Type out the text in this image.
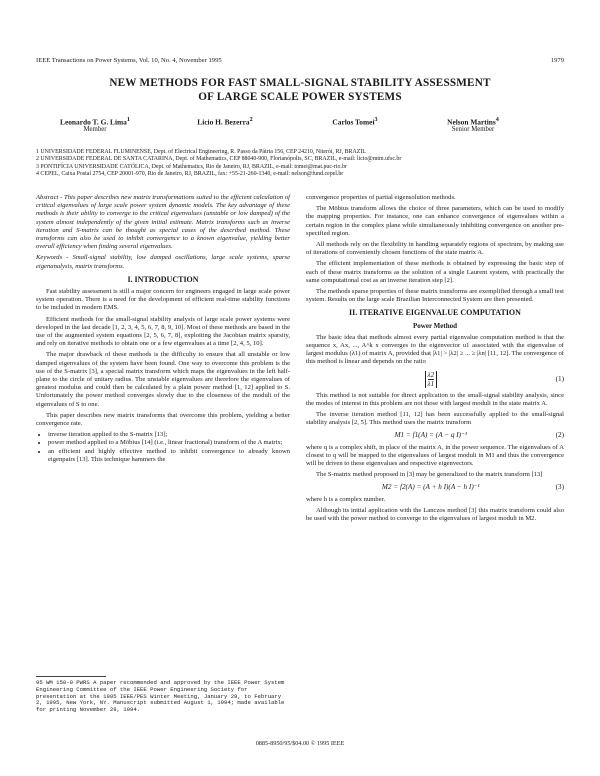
IEEE Transactions on Power Systems, Vol. 10, No. 4, November 1995	1979
NEW METHODS FOR FAST SMALL-SIGNAL STABILITY ASSESSMENT
OF LARGE SCALE POWER SYSTEMS
Leonardo T. G. Lima$^1$
Member
Licio H. Bezerra$^2$	Carlos Tomei$^3$	Nelson Martins$^4$
Senior Member
1 UNIVERSIDADE FEDERAL FLUMINENSE, Dept. of Electrical Engineering, R. Passo da Pátria 156, CEP 24210, Niterói, RJ, BRAZIL
2 UNIVERSIDADE FEDERAL DE SANTA CATARINA, Dept. of Mathematics, CEP 88040-900, Florianópolis, SC, BRAZIL, e-mail: licio@mtm.ufsc.br
3 PONTIFÍCIA UNIVERSIDADE CATÓLICA, Dept. of Mathematics, Rio de Janeiro, RJ, BRAZIL, e-mail: tomei@mat.puc-rio.br
4 CEPEL, Caixa Postal 2754, CEP 20001-970, Rio de Janeiro, RJ, BRAZIL, fax: +55-21-260-1340, e-mail: nelson@fund.cepel.br

Abstract - This paper describes new matrix transformations suited to the efficient calculation of critical eigenvalues of large scale power system dynamic models. The key advantage of these methods is their ability to converge to the critical eigenvalues (unstable or low damped) of the system almost independently of the given initial estimate. Matrix transforms such as inverse iteration and S-matrix can be thought as special cases of the described method. These transforms can also be used to inhibit convergence to a known eigenvalue, yielding better overall efficiency when finding several eigenvalues.

Keywords - Small-signal stability, low damped oscillations, large scale systems, sparse eigenanalysis, matrix transforms.

I. INTRODUCTION

Fast stability assessment is still a major concern for engineers engaged in large scale power system operation. There is a need for the development of efficient real-time stability functions to be included in modern EMS.

Efficient methods for the small-signal stability analysis of large scale power systems were developed in the last decade [1, 2, 3, 4, 5, 6, 7, 8, 9, 10]. Most of these methods are based in the use of the augmented system equations [2, 5, 6, 7, 8], exploiting the Jacobian matrix sparsity, and rely on iterative methods to obtain one or a few eigenvalues at a time [2, 4, 5, 10].

The major drawback of these methods is the difficulty to ensure that all unstable or low damped eigenvalues of the system have been found. One way to overcome this problem is the use of the S-matrix [3], a special matrix transform which maps the eigenvalues in the left half-plane to the circle of unitary radius. The unstable eigenvalues are therefore the eigenvalues of greatest modulus and could then be calculated by a plain power method [1, 12] applied to S. Unfortunately the power method converges slowly due to the closeness of the moduli of the eigenvalues of S to one.

This paper describes new matrix transforms that overcome this problem, yielding a better convergence rate.

• inverse iteration applied to the S-matrix [13];
• power method applied to a Möbius [14] (i.e., linear fractional) transform of the A matrix;
• an efficient and highly effective method to inhibit convergence to already known eigenpairs [13]. This technique hammers the
95 WM 150-9 PWRS A paper recommended and approved by the IEEE Power System Engineering Committee of the IEEE Power Engineering Society for presentation at the 1995 IEEE/PES Winter Meeting, January 29, to February 2, 1995, New York, NY. Manuscript submitted August 1, 1994; made available for printing November 29, 1994.

convergence properties of partial eigensolution methods.

The Möbius transform allows the choice of three parameters, which can be used to modify the mapping properties. For instance, one can enhance convergence of eigenvalues within a certain region in the complex plane while simultaneously inhibiting convergence on another pre-specified region.

All methods rely on the flexibility in handling separately regions of spectrum, by making use of iterations of conveniently chosen functions of the state matrix A.

The efficient implementation of these methods is obtained by expressing the basic step of each of these matrix transforms as the solution of a single Laurent system, with practically the same computational cost as an inverse iteration step [2].

The methods sparse properties of these matrix transforms are exemplified through a small test system. Results on the large scale Brazilian Interconnected System are then presented.

II. ITERATIVE EIGENVALUE COMPUTATION
Power Method

The basic idea that methods almost every partial eigenvalue computation method is that the sequence x, Ax, ..., A^k x converges to the eigenvector u1 associated with the eigenvalue of largest modulus (λ1) of matrix A, provided that |λ1| > |λ2| ≥ ... ≥ |λn| [11, 12]. The convergence of this method is linear and depends on the ratio

$\frac{\lambda 2}{\lambda 1}$	(1)

This method is not suitable for direct application to the small-signal stability analysis, since the modes of interest in this problem are not those with largest moduli in the state matrix A.

The inverse iteration method [11, 12] has been successfully applied to the small-signal stability analysis [2, 5]. This method uses the matrix transform

M1 = f1(A) = (A − q I)⁻¹	(2)

where q is a complex shift, in place of the matrix A, in the power sequence. The eigenvalues of A closest to q will be mapped to the eigenvalues of largest moduli in M1 and thus the convergence will be driven to these eigenvalues and respective eigenvectors.

The S-matrix method proposed in [3] may be generalized to the matrix transform [13]

M2 = f2(A) = (A + h I)(A − h I)⁻¹	(3)

where h is a complex number.

Although its initial application with the Lanczos method [3] this matrix transform could also be used with the power method to converge to the eigenvalues of largest moduli in M2.

0885-8950/95/$04.00 © 1995 IEEE
